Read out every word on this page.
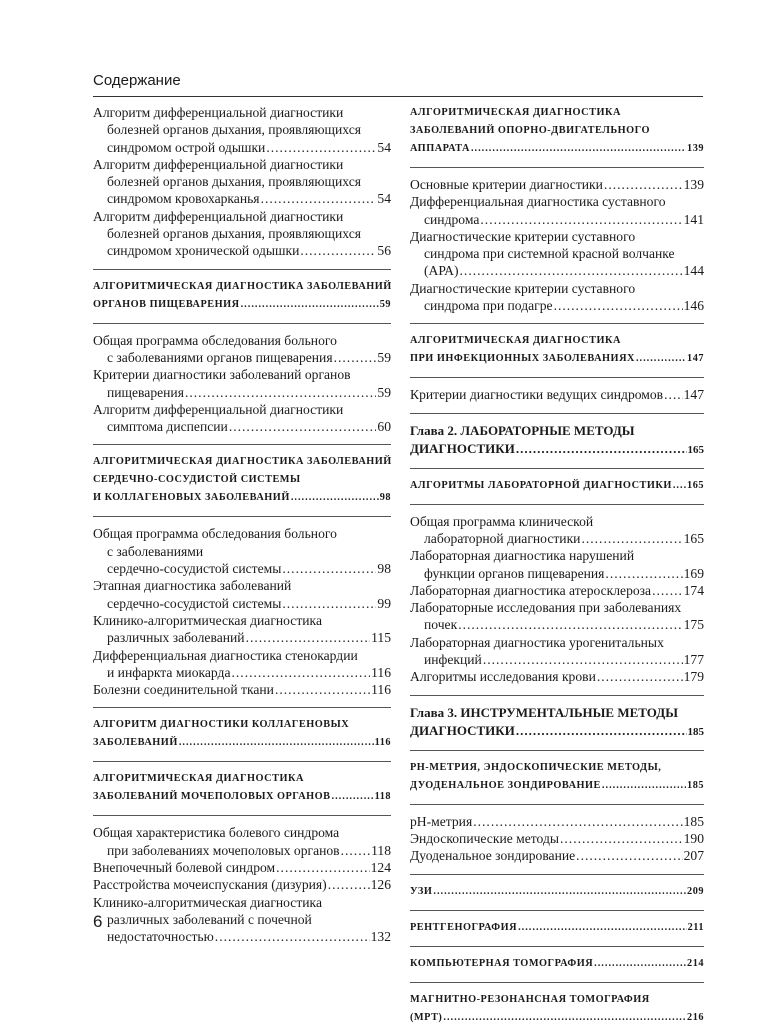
Содержание
Алгоритм дифференциальной диагностики
болезней органов дыхания, проявляющихся
синдромом острой одышки .....	54
Алгоритм дифференциальной диагностики
болезней органов дыхания, проявляющихся
синдромом кровохарканья .....	54
Алгоритм дифференциальной диагностики
болезней органов дыхания, проявляющихся
синдромом хронической одышки .....	56
АЛГОРИТМИЧЕСКАЯ ДИАГНОСТИКА ЗАБОЛЕВАНИЙ
ОРГАНОВ ПИЩЕВАРЕНИЯ .....	59
Общая программа обследования больного
с заболеваниями органов пищеварения .....	59
Критерии диагностики заболеваний органов
пищеварения .....	59
Алгоритм дифференциальной диагностики
симптома диспепсии .....	60
АЛГОРИТМИЧЕСКАЯ ДИАГНОСТИКА ЗАБОЛЕВАНИЙ
СЕРДЕЧНО-СОСУДИСТОЙ СИСТЕМЫ
И КОЛЛАГЕНОВЫХ ЗАБОЛЕВАНИЙ .....	98
Общая программа обследования больного
с заболеваниями
сердечно-сосудистой системы .....	98
Этапная диагностика заболеваний
сердечно-сосудистой системы .....	99
Клинико-алгоритмическая диагностика
различных заболеваний .....	115
Дифференциальная диагностика стенокардии
и инфаркта миокарда .....	116
Болезни соединительной ткани .....	116
АЛГОРИТМ ДИАГНОСТИКИ КОЛЛАГЕНОВЫХ
ЗАБОЛЕВАНИЙ .....	116
АЛГОРИТМИЧЕСКАЯ ДИАГНОСТИКА
ЗАБОЛЕВАНИЙ МОЧЕПОЛОВЫХ ОРГАНОВ .....	118
Общая характеристика болевого синдрома
при заболеваниях мочеполовых органов ..... 118
Внепочечный болевой синдром .....	124
Расстройства мочеиспускания (дизурия) .....	126
Клинико-алгоритмическая диагностика
различных заболеваний с почечной
недостаточностью .....	132
АЛГОРИТМИЧЕСКАЯ ДИАГНОСТИКА
ЗАБОЛЕВАНИЙ ОПОРНО-ДВИГАТЕЛЬНОГО
АППАРАТА .....	139
Основные критерии диагностики .....	139
Дифференциальная диагностика суставного
синдрома .....	141
Диагностические критерии суставного
синдрома при системной красной волчанке
(АРА) .....	144
Диагностические критерии суставного
синдрома при подагре .....	146
АЛГОРИТМИЧЕСКАЯ ДИАГНОСТИКА
ПРИ ИНФЕКЦИОННЫХ ЗАБОЛЕВАНИЯХ .....	147
Критерии диагностики ведущих синдромов ..... 147
Глава 2. ЛАБОРАТОРНЫЕ МЕТОДЫ
ДИАГНОСТИКИ .....	165
АЛГОРИТМЫ ЛАБОРАТОРНОЙ ДИАГНОСТИКИ ..... 165
Общая программа клинической
лабораторной диагностики .....	165
Лабораторная диагностика нарушений
функции органов пищеварения .....	169
Лабораторная диагностика атеросклероза ..... 174
Лабораторные исследования при заболеваниях
почек .....	175
Лабораторная диагностика урогенитальных
инфекций .....	177
Алгоритмы исследования крови .....	179
Глава 3. ИНСТРУМЕНТАЛЬНЫЕ МЕТОДЫ
ДИАГНОСТИКИ .....	185
РН-МЕТРИЯ, ЭНДОСКОПИЧЕСКИЕ МЕТОДЫ,
ДУОДЕНАЛЬНОЕ ЗОНДИРОВАНИЕ .....	185
рН-метрия .....	185
Эндоскопические методы .....	190
Дуоденальное зондирование .....	207
УЗИ .....	209
РЕНТГЕНОГРАФИЯ .....	211
КОМПЬЮТЕРНАЯ ТОМОГРАФИЯ .....	214
МАГНИТНО-РЕЗОНАНСНАЯ ТОМОГРАФИЯ
(МРТ) .....	216
6
